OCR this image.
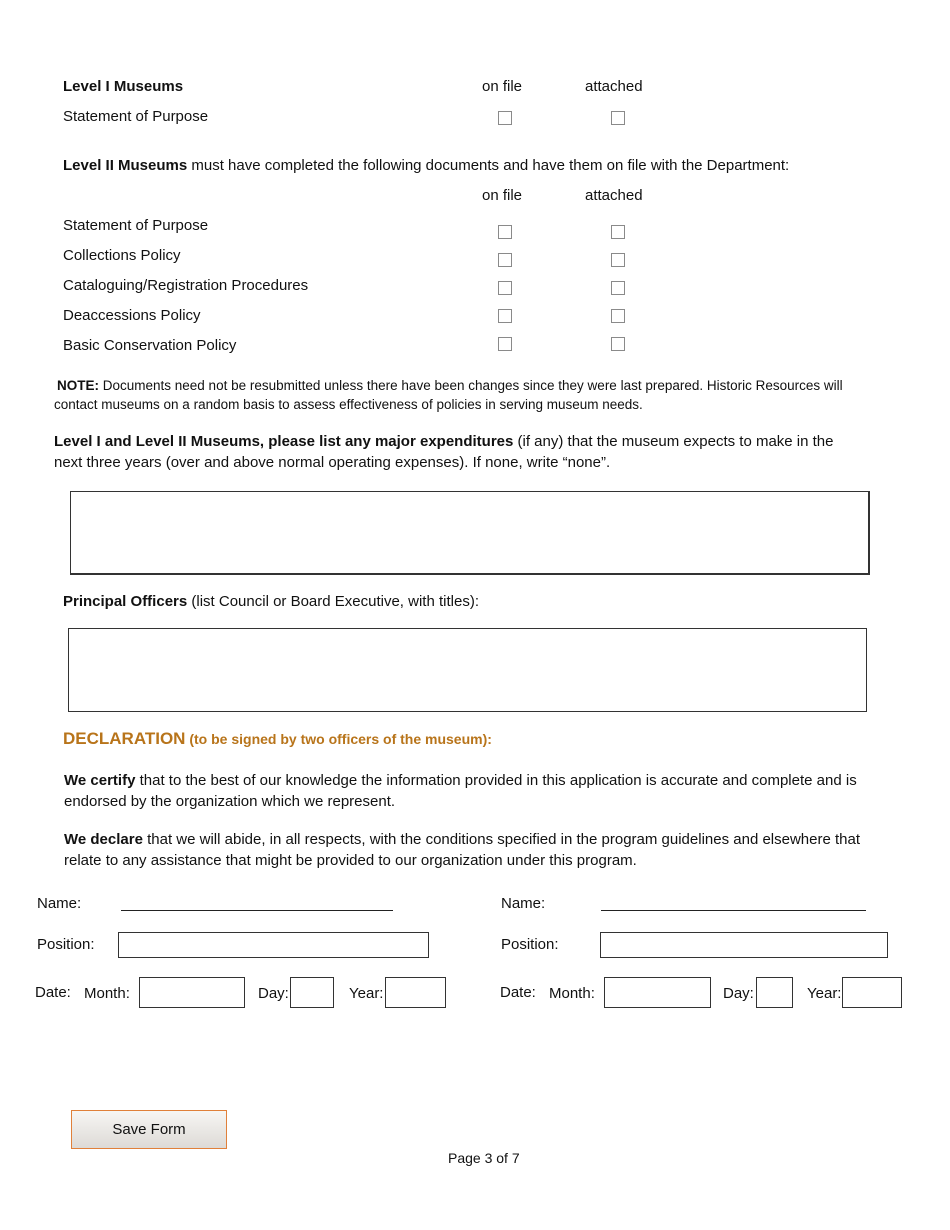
Level I Museums	on file	attached
Statement of Purpose
Level II Museums must have completed the following documents and have them on file with the Department:
on file	attached
Statement of Purpose
Collections Policy
Cataloguing/Registration Procedures
Deaccessions Policy
Basic Conservation Policy
NOTE: Documents need not be resubmitted unless there have been changes since they were last prepared. Historic Resources will contact museums on a random basis to assess effectiveness of policies in serving museum needs.
Level I and Level II Museums, please list any major expenditures (if any) that the museum expects to make in the next three years (over and above normal operating expenses). If none, write “none”.
Principal Officers (list Council or Board Executive, with titles):
DECLARATION (to be signed by two officers of the museum):
We certify that to the best of our knowledge the information provided in this application is accurate and complete and is endorsed by the organization which we represent.
We declare that we will abide, in all respects, with the conditions specified in the program guidelines and elsewhere that relate to any assistance that might be provided to our organization under this program.
Name:
Position:
Date: Month:	Day:	Year:
Name:
Position:
Date: Month:	Day:	Year:
Save Form
Page 3 of 7
